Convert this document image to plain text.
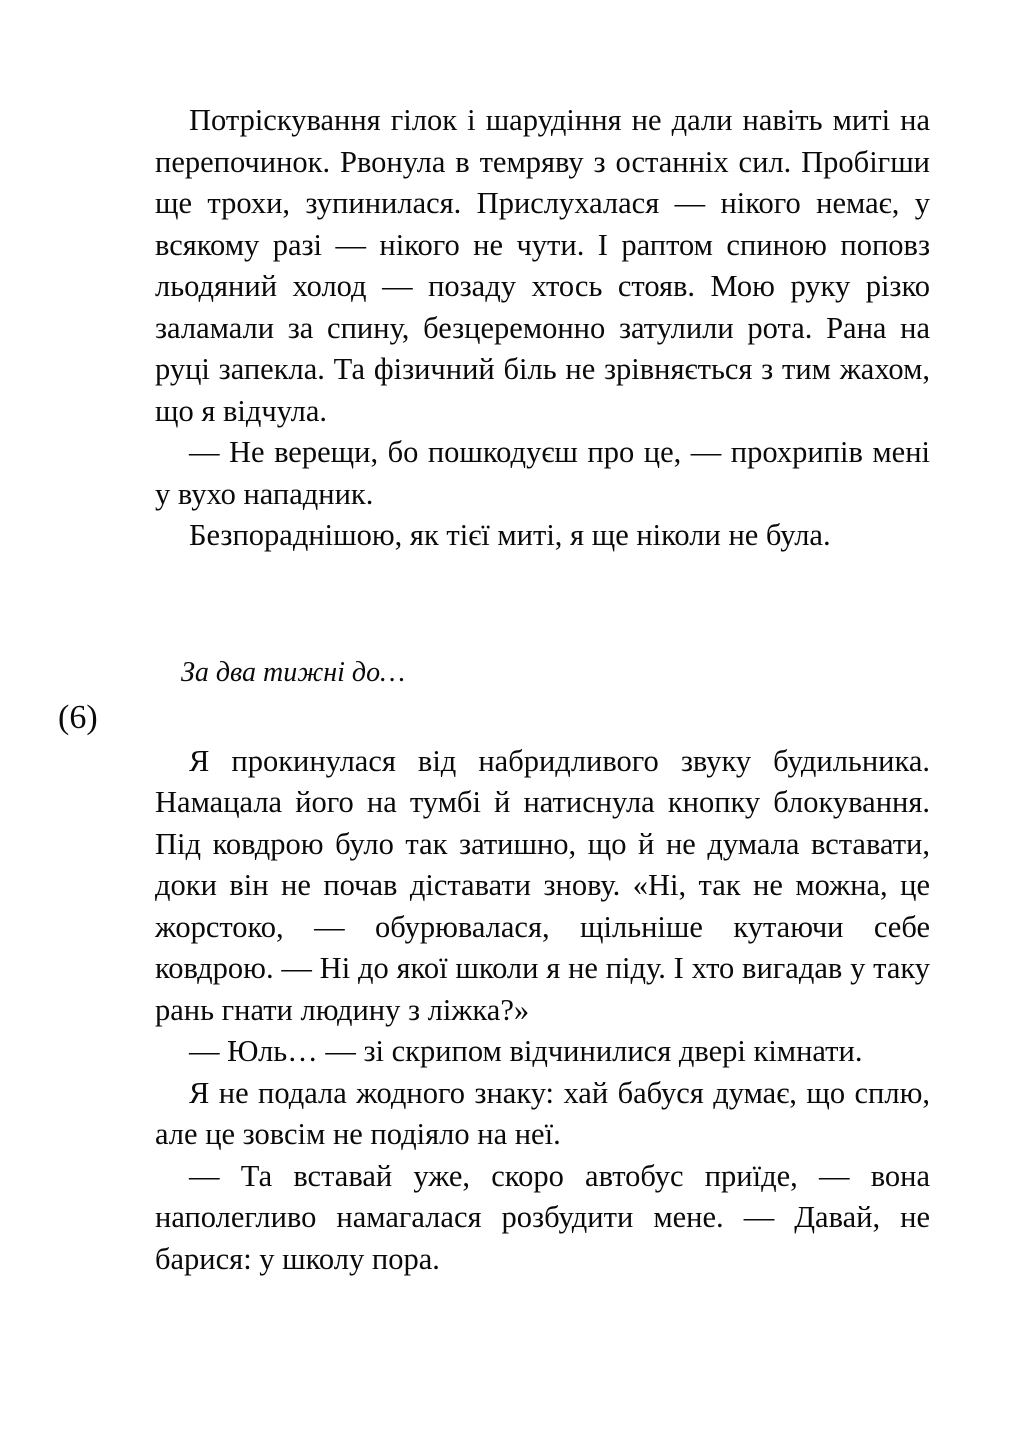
(6)

Потріскування гілок і шарудіння не дали навіть миті на перепочинок. Рвонула в темряву з останніх сил. Пробігши ще трохи, зупинилася. Прислухалася — нікого немає, у всякому разі — нікого не чути. І раптом спиною поповз льодяний холод — позаду хтось стояв. Мою руку різко заламали за спину, безцеремонно затулили рота. Рана на руці запекла. Та фізичний біль не зрівняється з тим жахом, що я відчула.

— Не верещи, бо пошкодуєш про це, — прохрипів мені у вухо нападник.

Безпораднішою, як тієї миті, я ще ніколи не була.

За два тижні до…

Я прокинулася від набридливого звуку будильника. Намацала його на тумбі й натиснула кнопку блокування. Під ковдрою було так затишно, що й не думала вставати, доки він не почав діставати знову. «Ні, так не можна, це жорстоко, — обурювалася, щільніше кутаючи себе ковдрою. — Ні до якої школи я не піду. І хто вигадав у таку рань гнати людину з ліжка?»

— Юль… — зі скрипом відчинилися двері кімнати.

Я не подала жодного знаку: хай бабуся думає, що сплю, але це зовсім не подіяло на неї.

— Та вставай уже, скоро автобус приїде, — вона наполегливо намагалася розбудити мене. — Давай, не барися: у школу пора.
